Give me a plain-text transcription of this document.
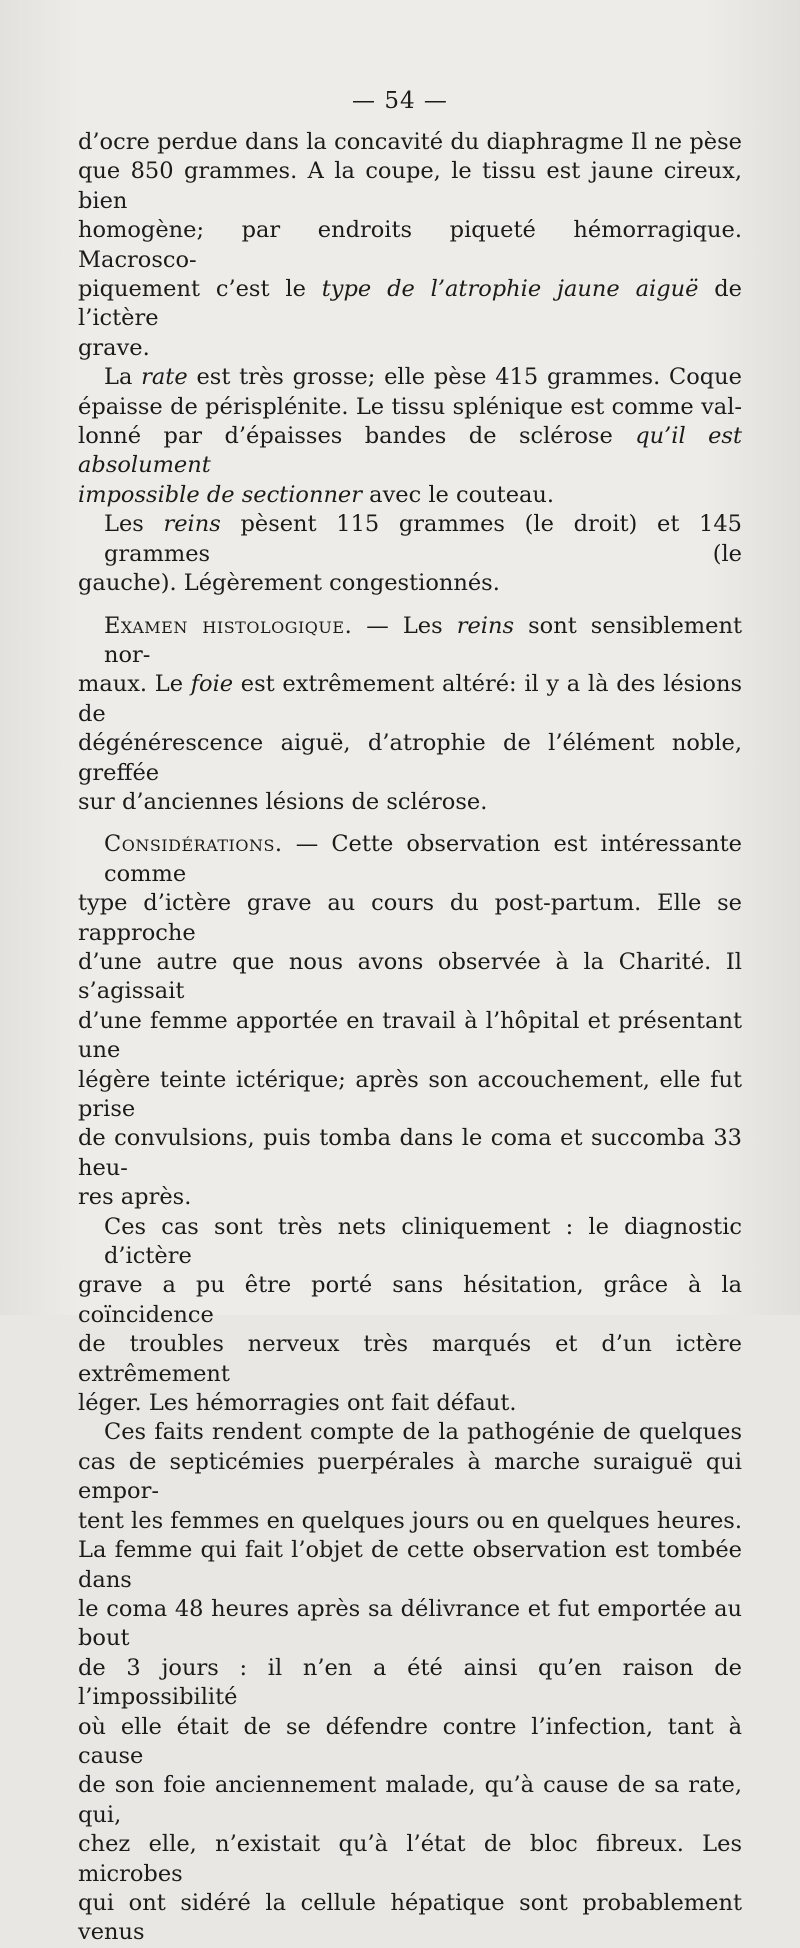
— 54 —

d’ocre perdue dans la concavité du diaphragme Il ne pèse

que 850 grammes. A la coupe, le tissu est jaune cireux, bien

homogène; par endroits piqueté hémorragique. Macrosco-

piquement c’est le type de l’atrophie jaune aiguë de l’ictère

grave.

La rate est très grosse; elle pèse 415 grammes. Coque

épaisse de périsplénite. Le tissu splénique est comme val-

lonné par d’épaisses bandes de sclérose qu’il est absolument

impossible de sectionner avec le couteau.

Les reins pèsent 115 grammes (le droit) et 145 grammes (le

gauche). Légèrement congestionnés.

Examen histologique. — Les reins sont sensiblement nor-

maux. Le foie est extrêmement altéré: il y a là des lésions de

dégénérescence aiguë, d’atrophie de l’élément noble, greffée

sur d’anciennes lésions de sclérose.

Considérations. — Cette observation est intéressante comme

type d’ictère grave au cours du post-partum. Elle se rapproche

d’une autre que nous avons observée à la Charité. Il s’agissait

d’une femme apportée en travail à l’hôpital et présentant une

légère teinte ictérique; après son accouchement, elle fut prise

de convulsions, puis tomba dans le coma et succomba 33 heu-

res après.

Ces cas sont très nets cliniquement : le diagnostic d’ictère

grave a pu être porté sans hésitation, grâce à la coïncidence

de troubles nerveux très marqués et d’un ictère extrêmement

léger. Les hémorragies ont fait défaut.

Ces faits rendent compte de la pathogénie de quelques

cas de septicémies puerpérales à marche suraiguë qui empor-

tent les femmes en quelques jours ou en quelques heures.

La femme qui fait l’objet de cette observation est tombée dans

le coma 48 heures après sa délivrance et fut emportée au bout

de 3 jours : il n’en a été ainsi qu’en raison de l’impossibilité

où elle était de se défendre contre l’infection, tant à cause

de son foie anciennement malade, qu’à cause de sa rate, qui,

chez elle, n’existait qu’à l’état de bloc fibreux. Les microbes

qui ont sidéré la cellule hépatique sont probablement venus
